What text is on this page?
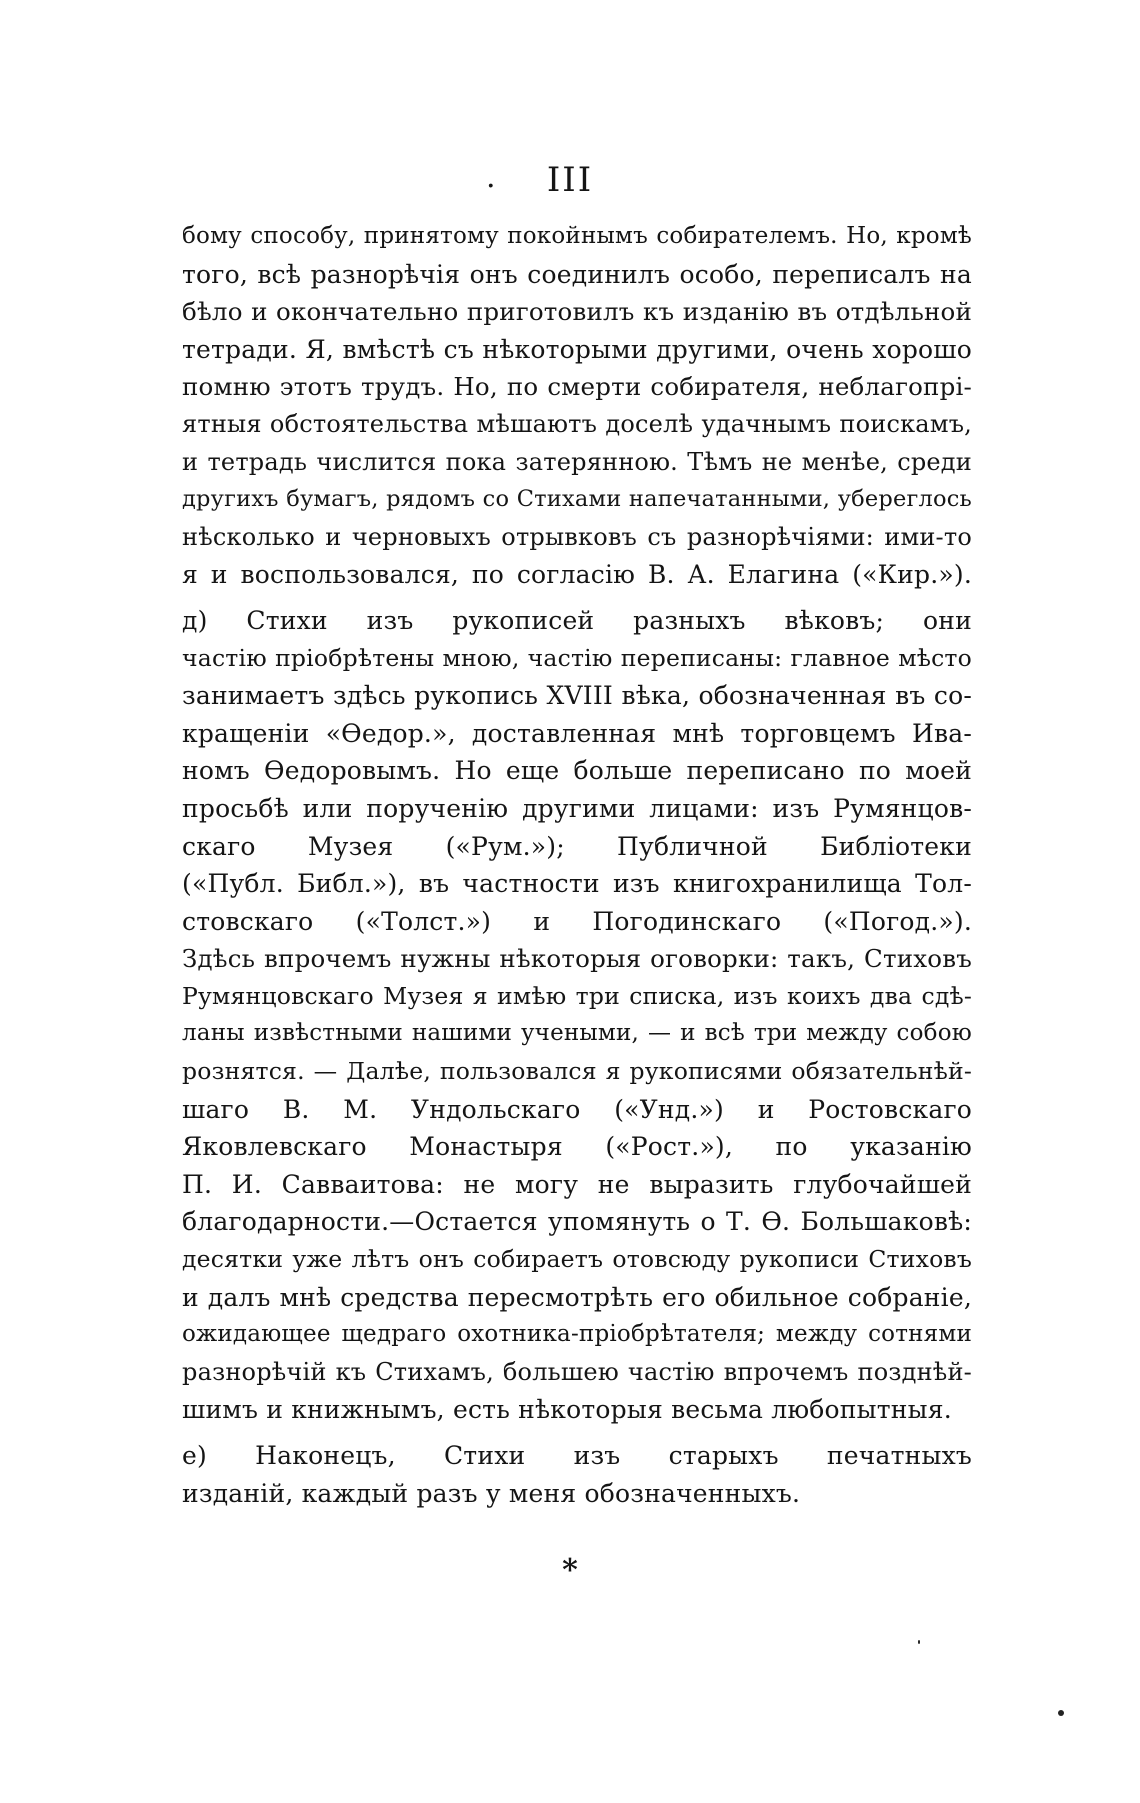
.	III
бому способу, принятому покойнымъ собирателемъ. Но, кромѣ
того, всѣ разнорѣчія онъ соединилъ особо, переписалъ на
бѣло и окончательно приготовилъ къ изданію въ отдѣльной
тетради. Я, вмѣстѣ съ нѣкоторыми другими, очень хорошо
помню этотъ трудъ. Но, по смерти собирателя, неблагопрі-
ятныя обстоятельства мѣшаютъ доселѣ удачнымъ поискамъ,
и тетрадь числится пока затерянною. Тѣмъ не менѣе, среди
другихъ бумагъ, рядомъ со Стихами напечатанными, уберeглось
нѣсколько и черновыхъ отрывковъ съ разнорѣчіями: ими-то
я и воспользовался, по согласію В. А. Елагина («Кир.»).
д) Стихи изъ рукописей разныхъ вѣковъ; они
частію пріобрѣтены мною, частію переписаны: главное мѣсто
занимаетъ здѣсь рукопись XVIII вѣка, обозначенная въ со-
кращеніи «Ѳедор.», доставленная мнѣ торговцемъ Ива-
номъ Ѳедоровымъ. Но еще больше переписано по моей
просьбѣ или порученію другими лицами: изъ Румянцов-
скаго Музея («Рум.»); Публичной Библіотеки
(«Публ. Библ.»), въ частности изъ книгохранилища Тол-
стовскаго («Толст.») и Погодинскаго («Погод.»).
Здѣсь впрочемъ нужны нѣкоторыя оговорки: такъ, Стиховъ
Румянцовскаго Музея я имѣю три списка, изъ коихъ два сдѣ-
ланы извѣстными нашими учеными, — и всѣ три между собою
рознятся. — Далѣе, пользовался я рукописями обязательнѣй-
шаго В. М. Ундольскаго («Унд.») и Ростовскаго
Яковлевскаго Монастыря («Рост.»), по указанію
П. И. Саввaитова: не могу не выразить глубочайшей
благодарности.—Остается упомянуть о Т. Ѳ. Большаковѣ:
десятки уже лѣтъ онъ собираетъ отовсюду рукописи Стиховъ
и далъ мнѣ средства пересмотрѣть его обильное собраніе,
ожидающее щедраго охотника-пріобрѣтателя; между сотнями
разнорѣчій къ Стихамъ, большею частію впрочемъ позднѣй-
шимъ и книжнымъ, есть нѣкоторыя весьма любопытныя.
е) Наконецъ, Стихи изъ старыхъ печатныхъ
изданій, каждый разъ у меня обозначенныхъ.
*
